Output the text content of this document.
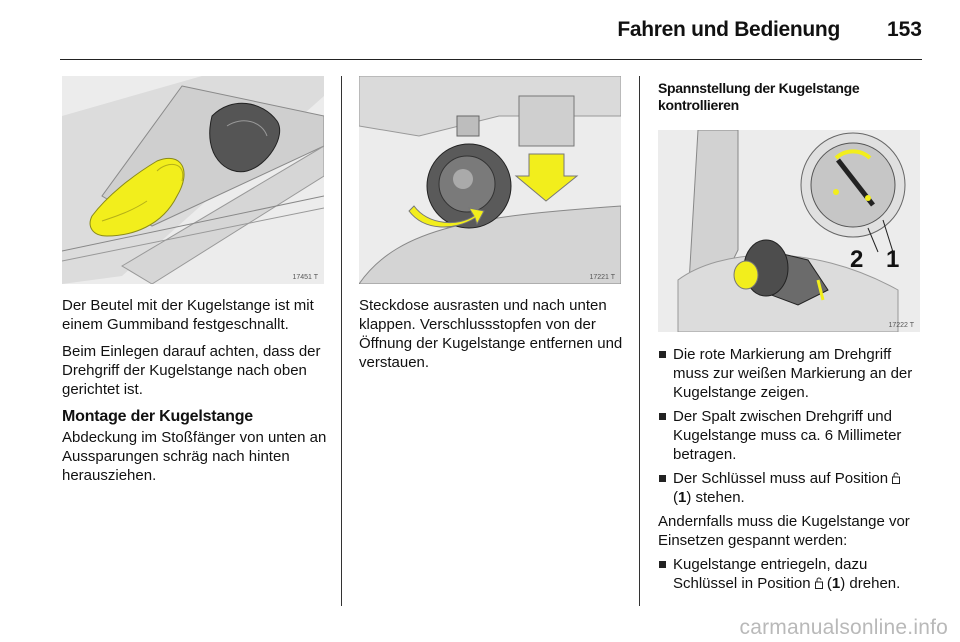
Fahren und Bedienung 153
17451 T	17221 T
2 1
17222 T

Der Beutel mit der Kugelstange ist mit einem Gummiband festgeschnallt.

Beim Einlegen darauf achten, dass der Drehgriff der Kugelstange nach oben gerichtet ist.

Montage der Kugelstange

Abdeckung im Stoßfänger von unten an Aussparungen schräg nach hinten herausziehen.

Steckdose ausrasten und nach unten klappen. Verschlussstopfen von der Öffnung der Kugelstange entfernen und verstauen.

Spannstellung der Kugelstange kontrollieren
Die rote Markierung am Drehgriff muss zur weißen Markierung an der Kugelstange zeigen.
Der Spalt zwischen Drehgriff und Kugelstange muss ca. 6 Millimeter betragen.
Der Schlüssel muss auf Position
(1) stehen.

Andernfalls muss die Kugelstange vor Einsetzen gespannt werden:

Kugelstange entriegeln, dazu Schlüssel in Position  (1) drehen.
carmanualsonline.info
